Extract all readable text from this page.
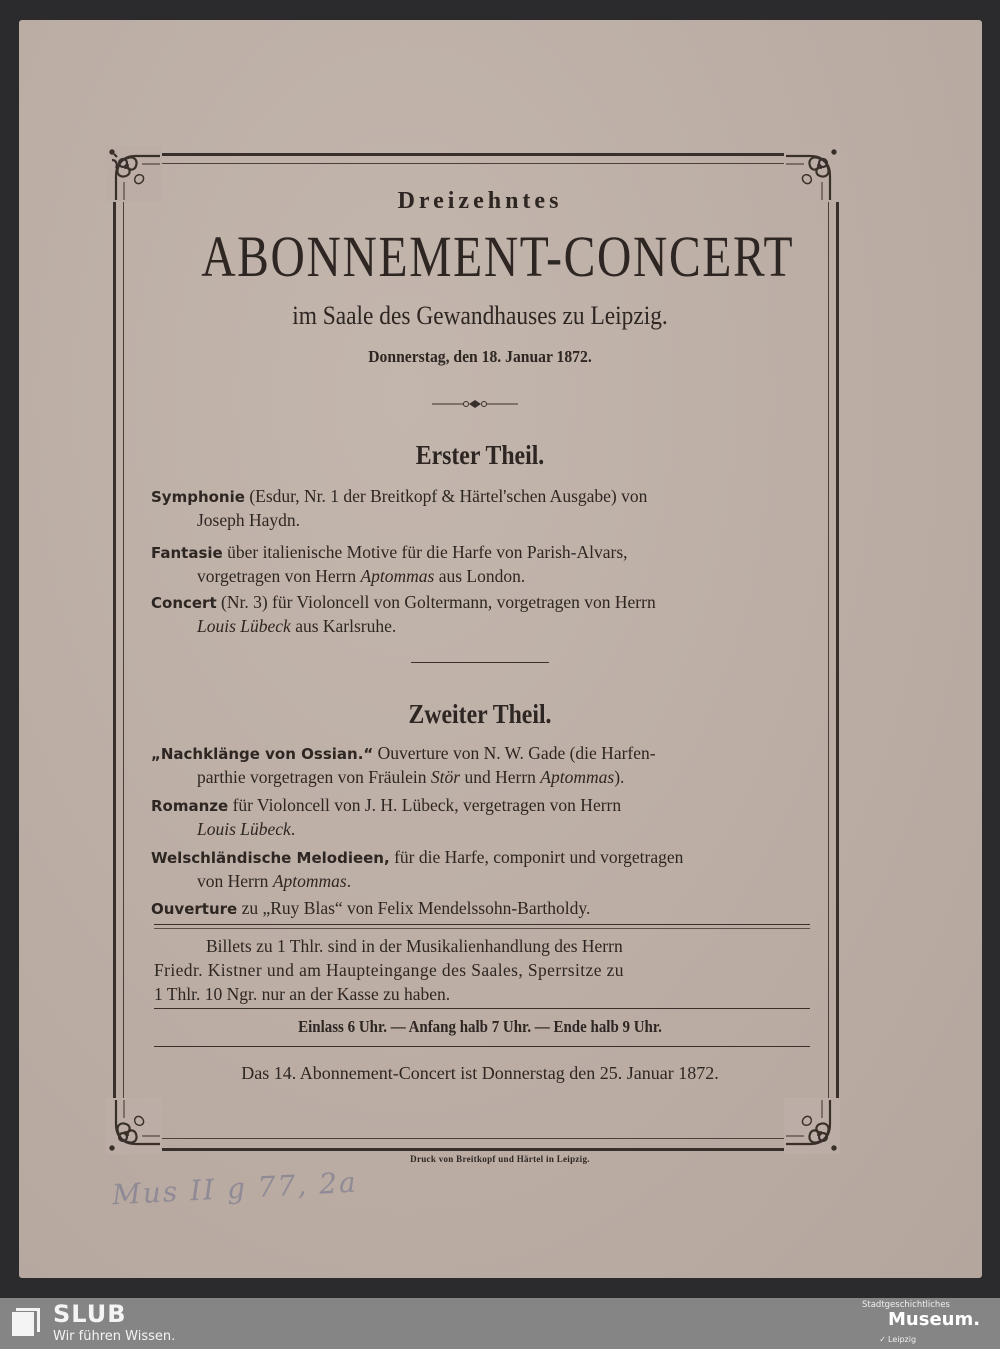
Dreizehntes
ABONNEMENT-CONCERT
im Saale des Gewandhauses zu Leipzig.
Donnerstag, den 18. Januar 1872.
Erster Theil.
Symphonie (Esdur, Nr. 1 der Breitkopf & Härtel'schen Ausgabe) von
Joseph Haydn.
Fantasie über italienische Motive für die Harfe von Parish-Alvars,
vorgetragen von Herrn Aptommas aus London.
Concert (Nr. 3) für Violoncell von Goltermann, vorgetragen von Herrn
Louis Lübeck aus Karlsruhe.
Zweiter Theil.
„Nachklänge von Ossian.“ Ouverture von N. W. Gade (die Harfen-
parthie vorgetragen von Fräulein Stör und Herrn Aptommas).
Romanze für Violoncell von J. H. Lübeck, vergetragen von Herrn
Louis Lübeck.
Welschländische Melodieen, für die Harfe, componirt und vorgetragen
von Herrn Aptommas.
Ouverture zu „Ruy Blas“ von Felix Mendelssohn-Bartholdy.
Billets zu 1 Thlr. sind in der Musikalienhandlung des Herrn
Friedr. Kistner und am Haupteingange des Saales, Sperrsitze zu
1 Thlr. 10 Ngr. nur an der Kasse zu haben.
Einlass 6 Uhr. — Anfang halb 7 Uhr. — Ende halb 9 Uhr.
Das 14. Abonnement-Concert ist Donnerstag den 25. Januar 1872.
Druck von Breitkopf und Härtel in Leipzig.
Mus II g 77, 2a
SLUB
Wir führen Wissen.
Stadtgeschichtliches
Museum.
✓ Leipzig
